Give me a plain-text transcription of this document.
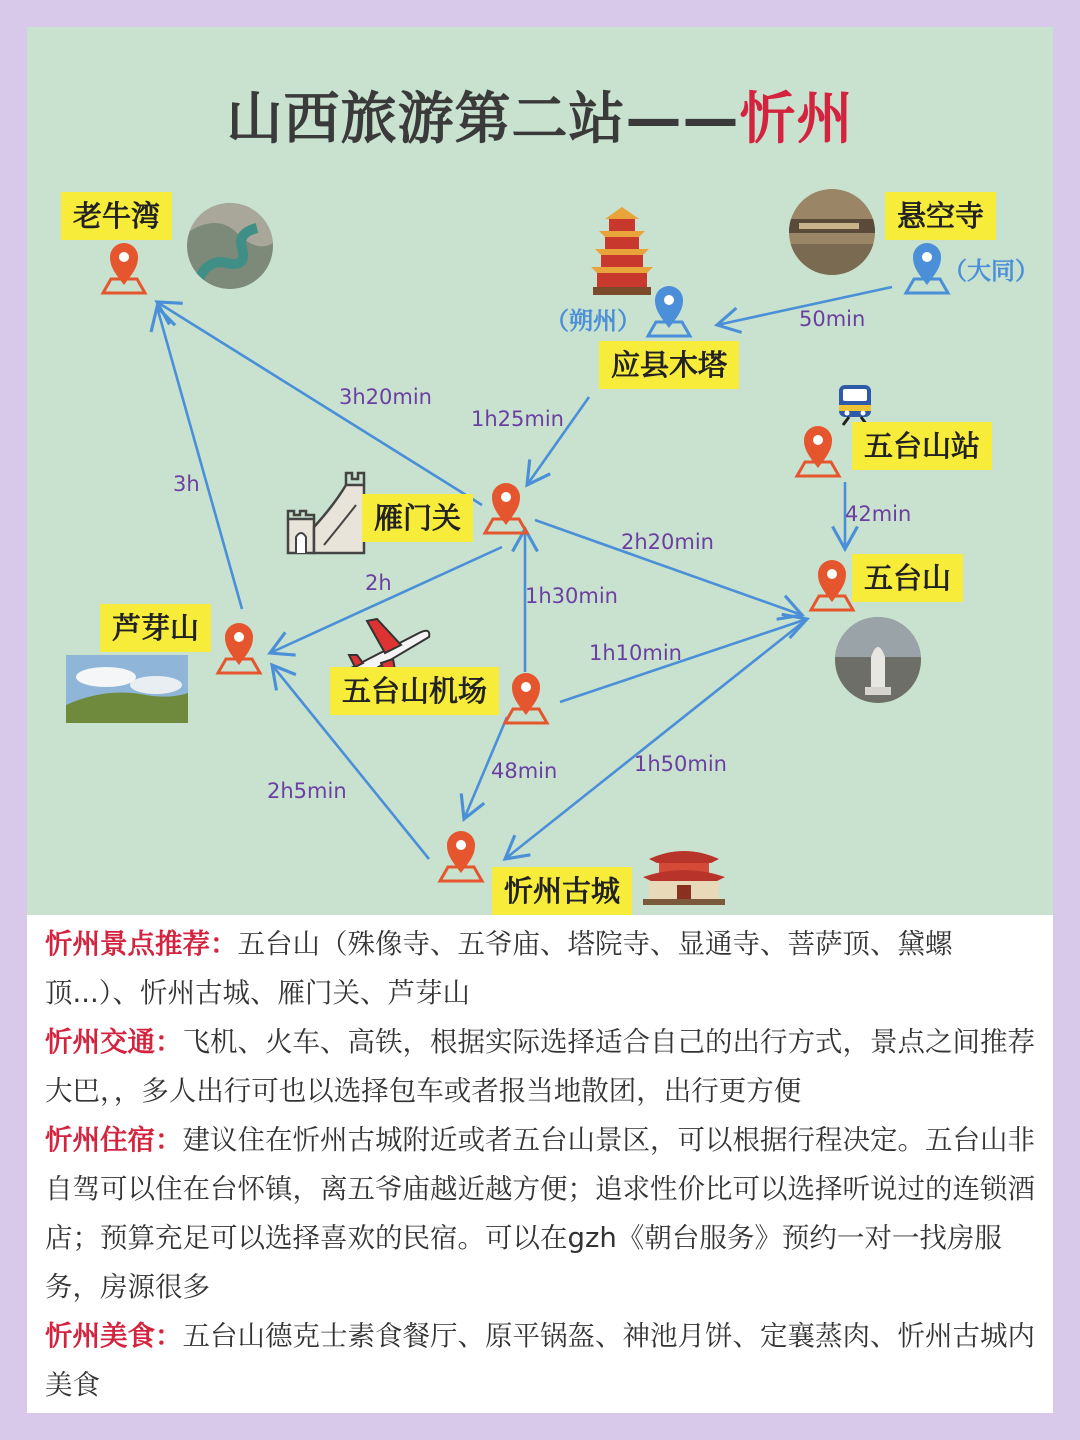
山西旅游第二站——忻州
老牛湾	悬空寺
（大同）
（朔州）
应县木塔
五台山站
雁门关
五台山
芦芽山
五台山机场
忻州古城
50min
3h20min
1h25min
3h
42min
2h20min
2h
1h30min
1h10min
48min	1h50min
2h5min

忻州景点推荐：五台山（殊像寺、五爷庙、塔院寺、显通寺、菩萨顶、黛螺顶...）、忻州古城、雁门关、芦芽山

忻州交通：飞机、火车、高铁，根据实际选择适合自己的出行方式，景点之间推荐大巴，，多人出行可也以选择包车或者报当地散团，出行更方便

忻州住宿：建议住在忻州古城附近或者五台山景区，可以根据行程决定。五台山非自驾可以住在台怀镇，离五爷庙越近越方便；追求性价比可以选择听说过的连锁酒店；预算充足可以选择喜欢的民宿。可以在gzh《朝台服务》预约一对一找房服务，房源很多

忻州美食：五台山德克士素食餐厅、原平锅盔、神池月饼、定襄蒸肉、忻州古城内美食
